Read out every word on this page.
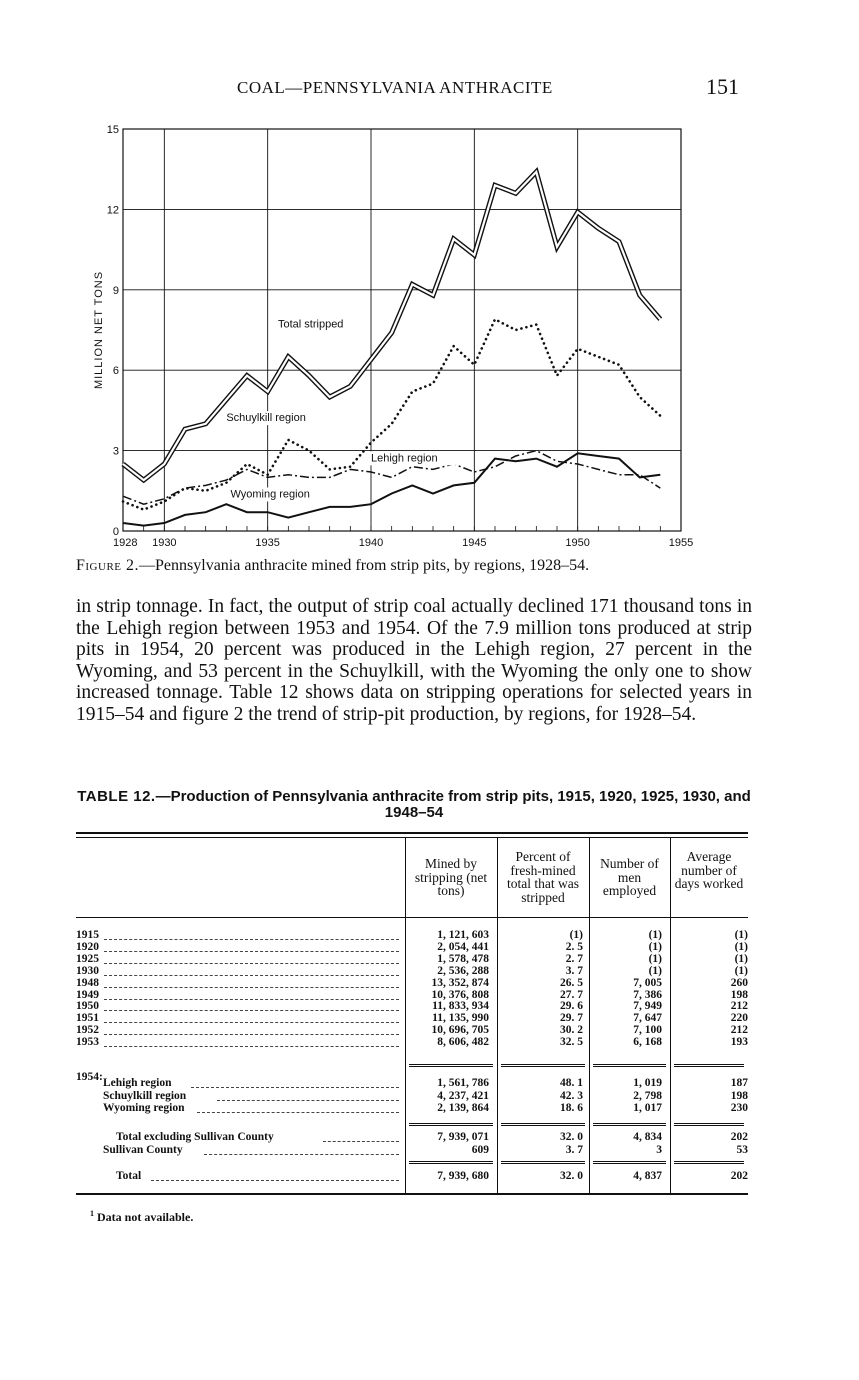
COAL—PENNSYLVANIA ANTHRACITE	151
0
3
6
9
12
15
1928 1930	1935	1940	1945	1950	1955
MILLION NET TONS	Total stripped
Schuylkill region
Lehigh region
Wyoming region
Figure 2.—Pennsylvania anthracite mined from strip pits, by regions, 1928–54.

in strip tonnage. In fact, the output of strip coal actually declined 171 thousand tons in the Lehigh region between 1953 and 1954. Of the 7.9 million tons produced at strip pits in 1954, 20 percent was produced in the Lehigh region, 27 percent in the Wyoming, and 53 percent in the Schuylkill, with the Wyoming the only one to show increased tonnage. Table 12 shows data on stripping operations for selected years in 1915–54 and figure 2 the trend of strip-pit production, by regions, for 1928–54.

TABLE 12.—Production of Pennsylvania anthracite from strip pits, 1915, 1920, 1925, 1930, and 1948–54
Mined by stripping (net tons)
Percent of fresh-mined total that was stripped
Number of men employed
Average number of days worked
1915	1, 121, 603	(1)	(1)	(1)
1920	2, 054, 441	2. 5	(1)	(1)
1925	1, 578, 478	2. 7	(1)	(1)
1930	2, 536, 288	3. 7	(1)	(1)
1948	13, 352, 874	26. 5	7, 005	260
1949	10, 376, 808	27. 7	7, 386	198
1950	11, 833, 934	29. 6	7, 949	212
1951	11, 135, 990	29. 7	7, 647	220
1952	10, 696, 705	30. 2	7, 100	212
1953	8, 606, 482	32. 5	6, 168	193
1954: Lehigh region	1, 561, 786	48. 1	1, 019	187
Schuylkill region	4, 237, 421	42. 3	2, 798	198
Wyoming region	2, 139, 864	18. 6	1, 017	230
Total excluding Sullivan County	7, 939, 071	32. 0	4, 834	202
Sullivan County	609	3. 7	3	53
Total	7, 939, 680	32. 0	4, 837	202
$^1$ Data not available.
